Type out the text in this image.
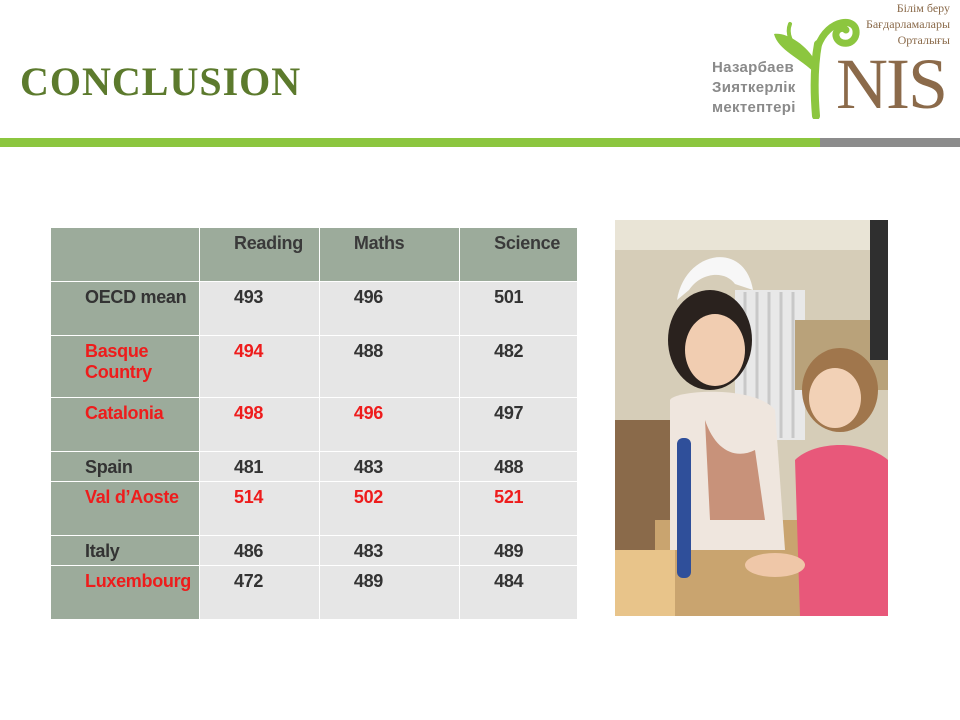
CONCLUSION
Білім беру
Бағдарламалары
Орталығы
Назарбаев
Зияткерлік
мектептері NIS
	Reading	Maths	Science
OECD mean	493	496	501
Basque Country	494	488	482
Catalonia	498	496	497
Spain	481	483	488
Val d’Aoste	514	502	521
Italy	486	483	489
Luxembourg	472	489	484
